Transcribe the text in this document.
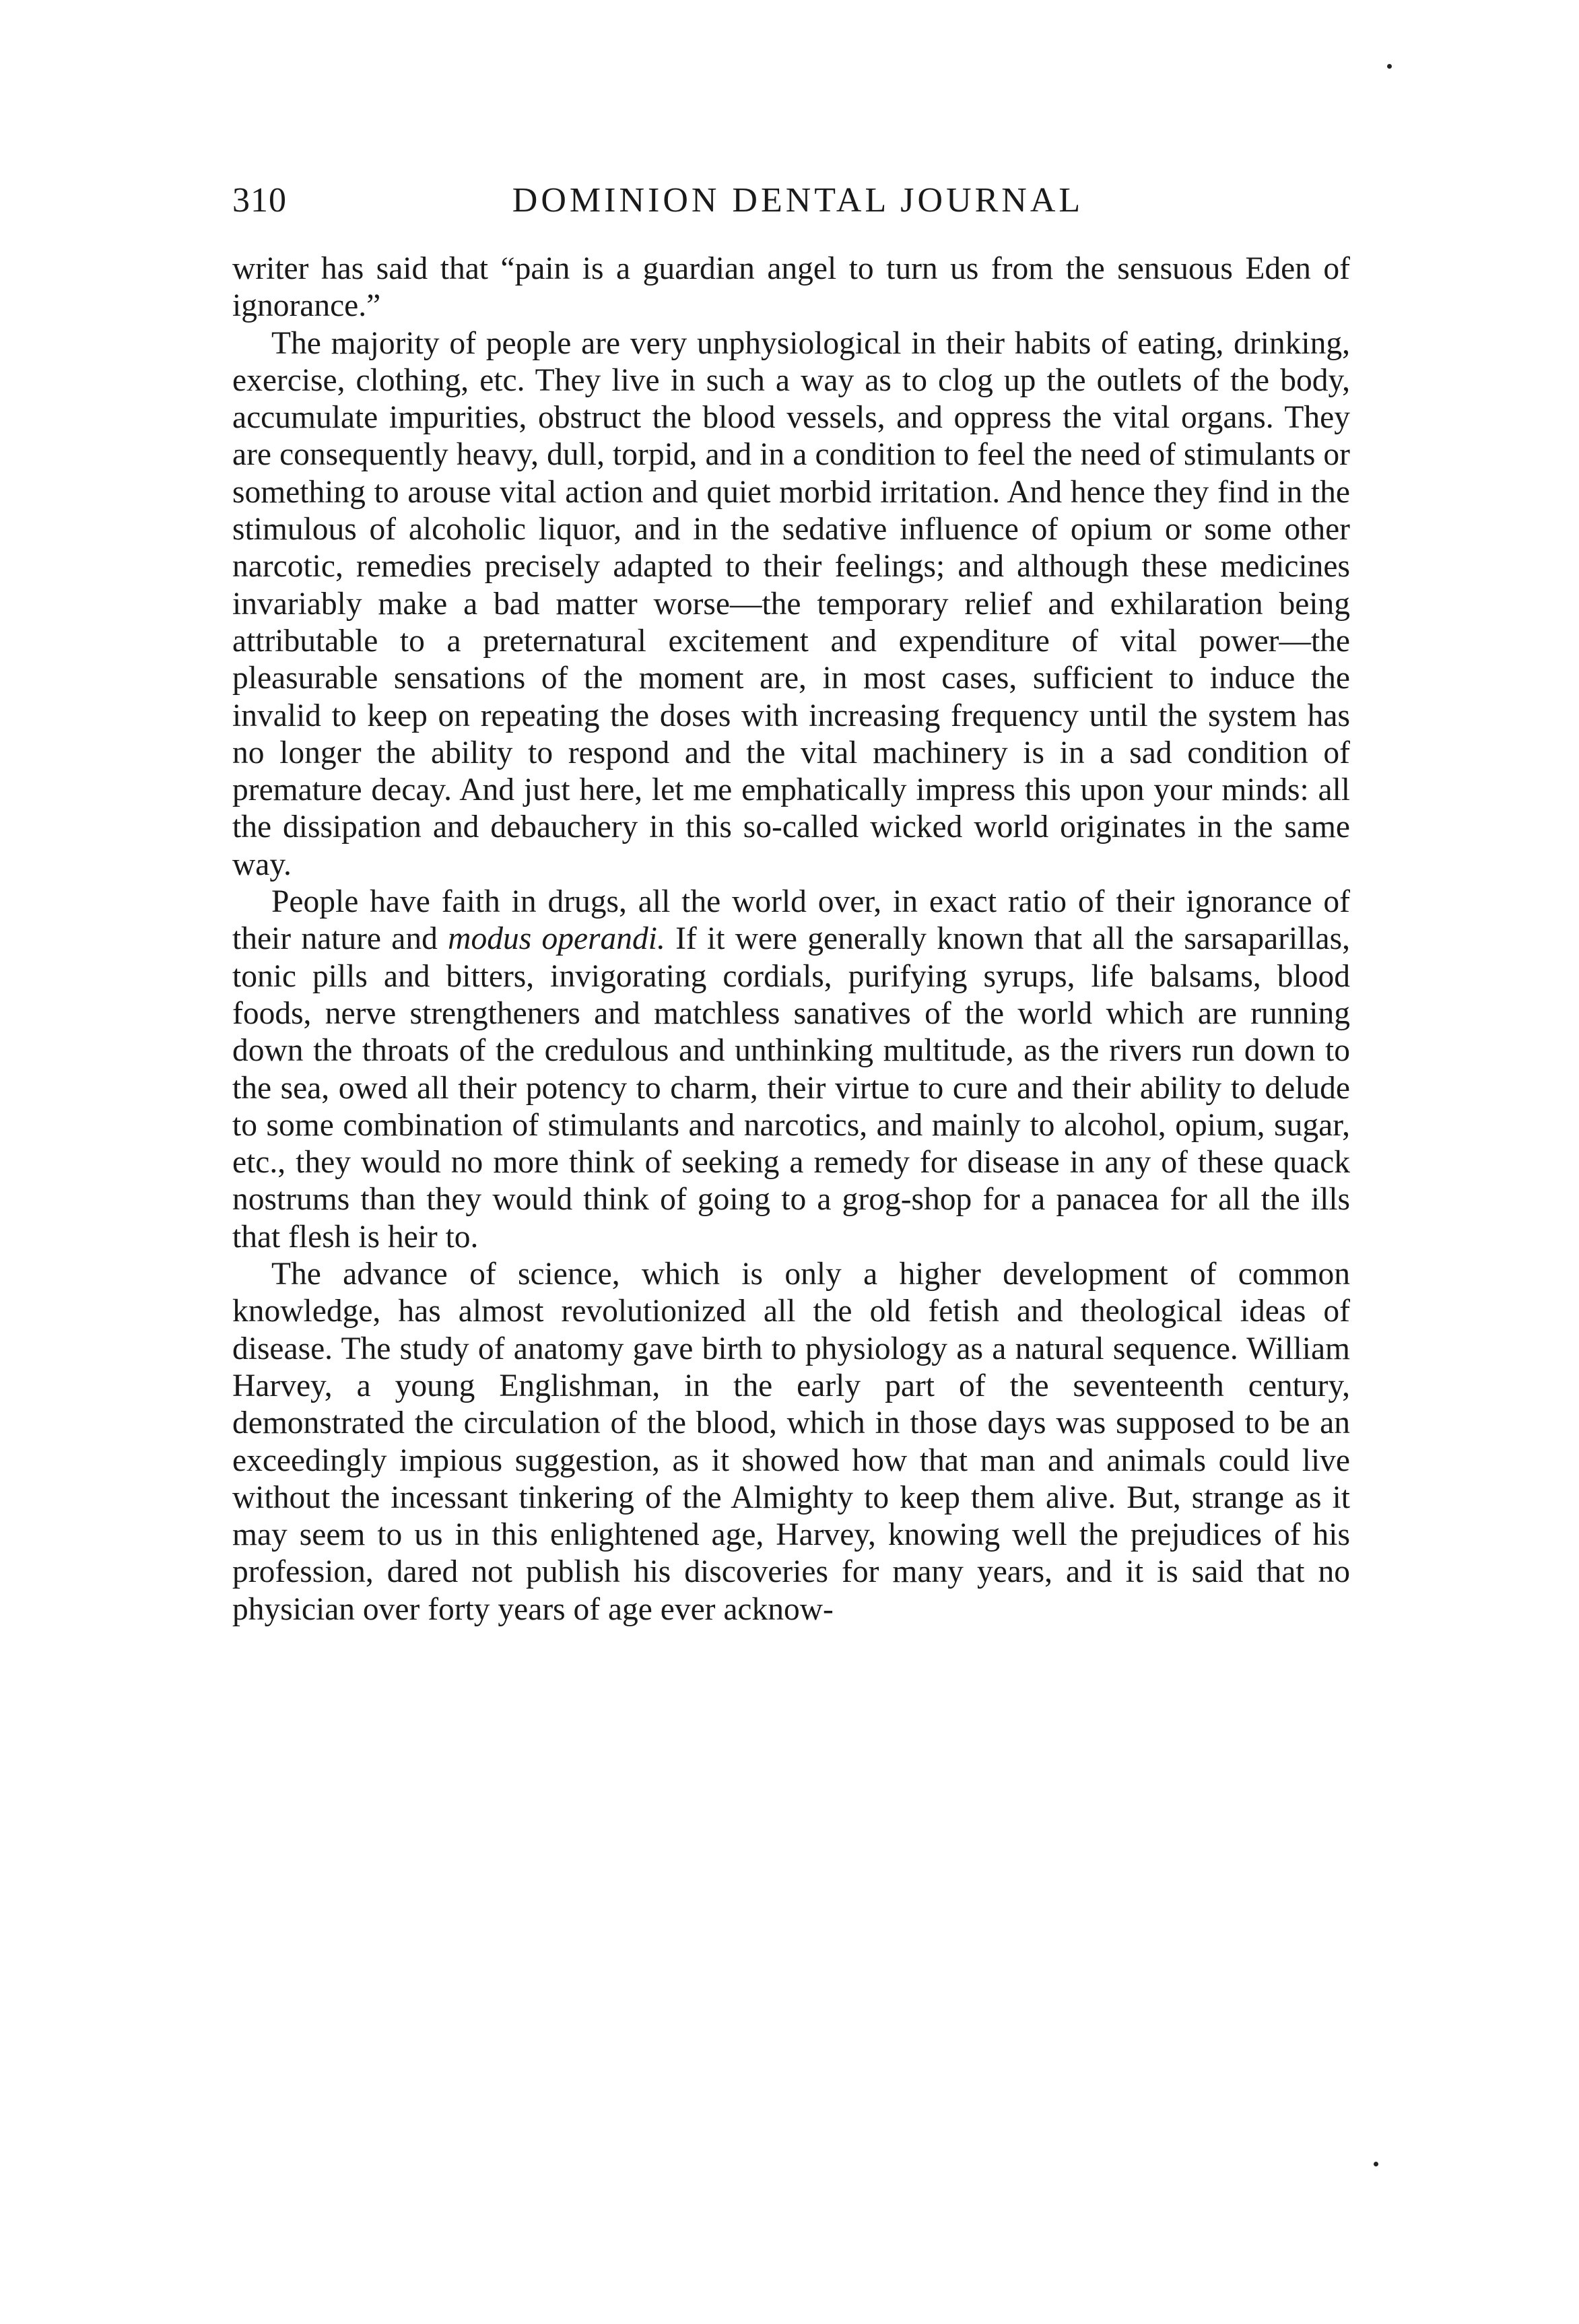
310	DOMINION DENTAL JOURNAL

writer has said that “pain is a guardian angel to turn us from the sensuous Eden of ignorance.”

The majority of people are very unphysiological in their habits of eating, drinking, exercise, clothing, etc. They live in such a way as to clog up the outlets of the body, accumulate impurities, obstruct the blood vessels, and oppress the vital organs. They are consequently heavy, dull, torpid, and in a condition to feel the need of stimulants or something to arouse vital action and quiet morbid irritation. And hence they find in the stimulous of alcoholic liquor, and in the sedative influence of opium or some other narcotic, remedies precisely adapted to their feelings; and although these medicines invariably make a bad matter worse—the temporary relief and exhilaration being attributable to a preternatural excitement and expenditure of vital power—the pleasurable sensations of the moment are, in most cases, sufficient to induce the invalid to keep on repeating the doses with increasing frequency until the system has no longer the ability to respond and the vital machinery is in a sad condition of premature decay. And just here, let me emphatically impress this upon your minds: all the dissipation and debauchery in this so-called wicked world originates in the same way.

People have faith in drugs, all the world over, in exact ratio of their ignorance of their nature and modus operandi. If it were generally known that all the sarsaparillas, tonic pills and bitters, invigorating cordials, purifying syrups, life balsams, blood foods, nerve strengtheners and matchless sanatives of the world which are running down the throats of the credulous and unthinking multitude, as the rivers run down to the sea, owed all their potency to charm, their virtue to cure and their ability to delude to some combination of stimulants and narcotics, and mainly to alcohol, opium, sugar, etc., they would no more think of seeking a remedy for disease in any of these quack nostrums than they would think of going to a grog-shop for a panacea for all the ills that flesh is heir to.

The advance of science, which is only a higher development of common knowledge, has almost revolutionized all the old fetish and theological ideas of disease. The study of anatomy gave birth to physiology as a natural sequence. William Harvey, a young Englishman, in the early part of the seventeenth century, demonstrated the circulation of the blood, which in those days was supposed to be an exceedingly impious suggestion, as it showed how that man and animals could live without the incessant tinkering of the Almighty to keep them alive. But, strange as it may seem to us in this enlightened age, Harvey, knowing well the prejudices of his profession, dared not publish his discoveries for many years, and it is said that no physician over forty years of age ever acknow-
